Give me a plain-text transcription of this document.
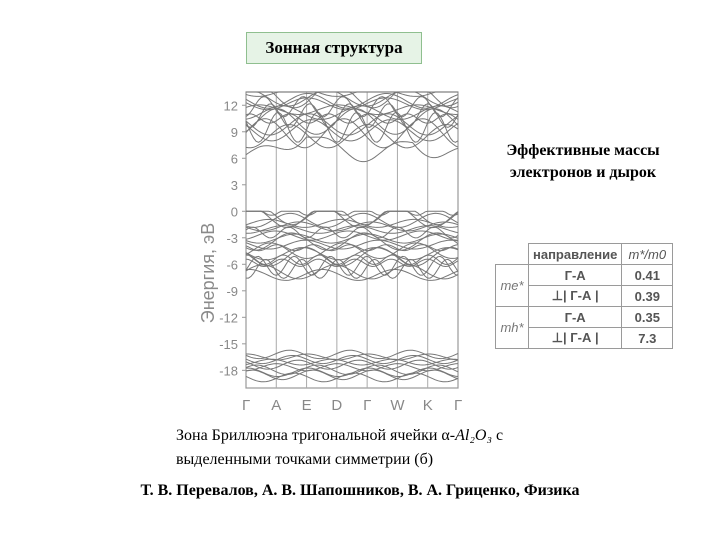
Зонная структура
Энергия, эВ
12
9
6
3
0
-3
-6
-9
-12
-15
-18
Г A E D Г W K Г
Эффективные массы
электронов и дырок
	направление	m*/m0
me*	Г-А	0.41
	⊥| Г-А |	0.39
mh*	Г-А	0.35
	⊥| Г-А |	7.3
Зона Бриллюэна тригональной ячейки α-Al₂O₃ с
выделенными точками симметрии (б)
Т. В. Перевалов, А. В. Шапошников, В. А. Гриценко, Физика
